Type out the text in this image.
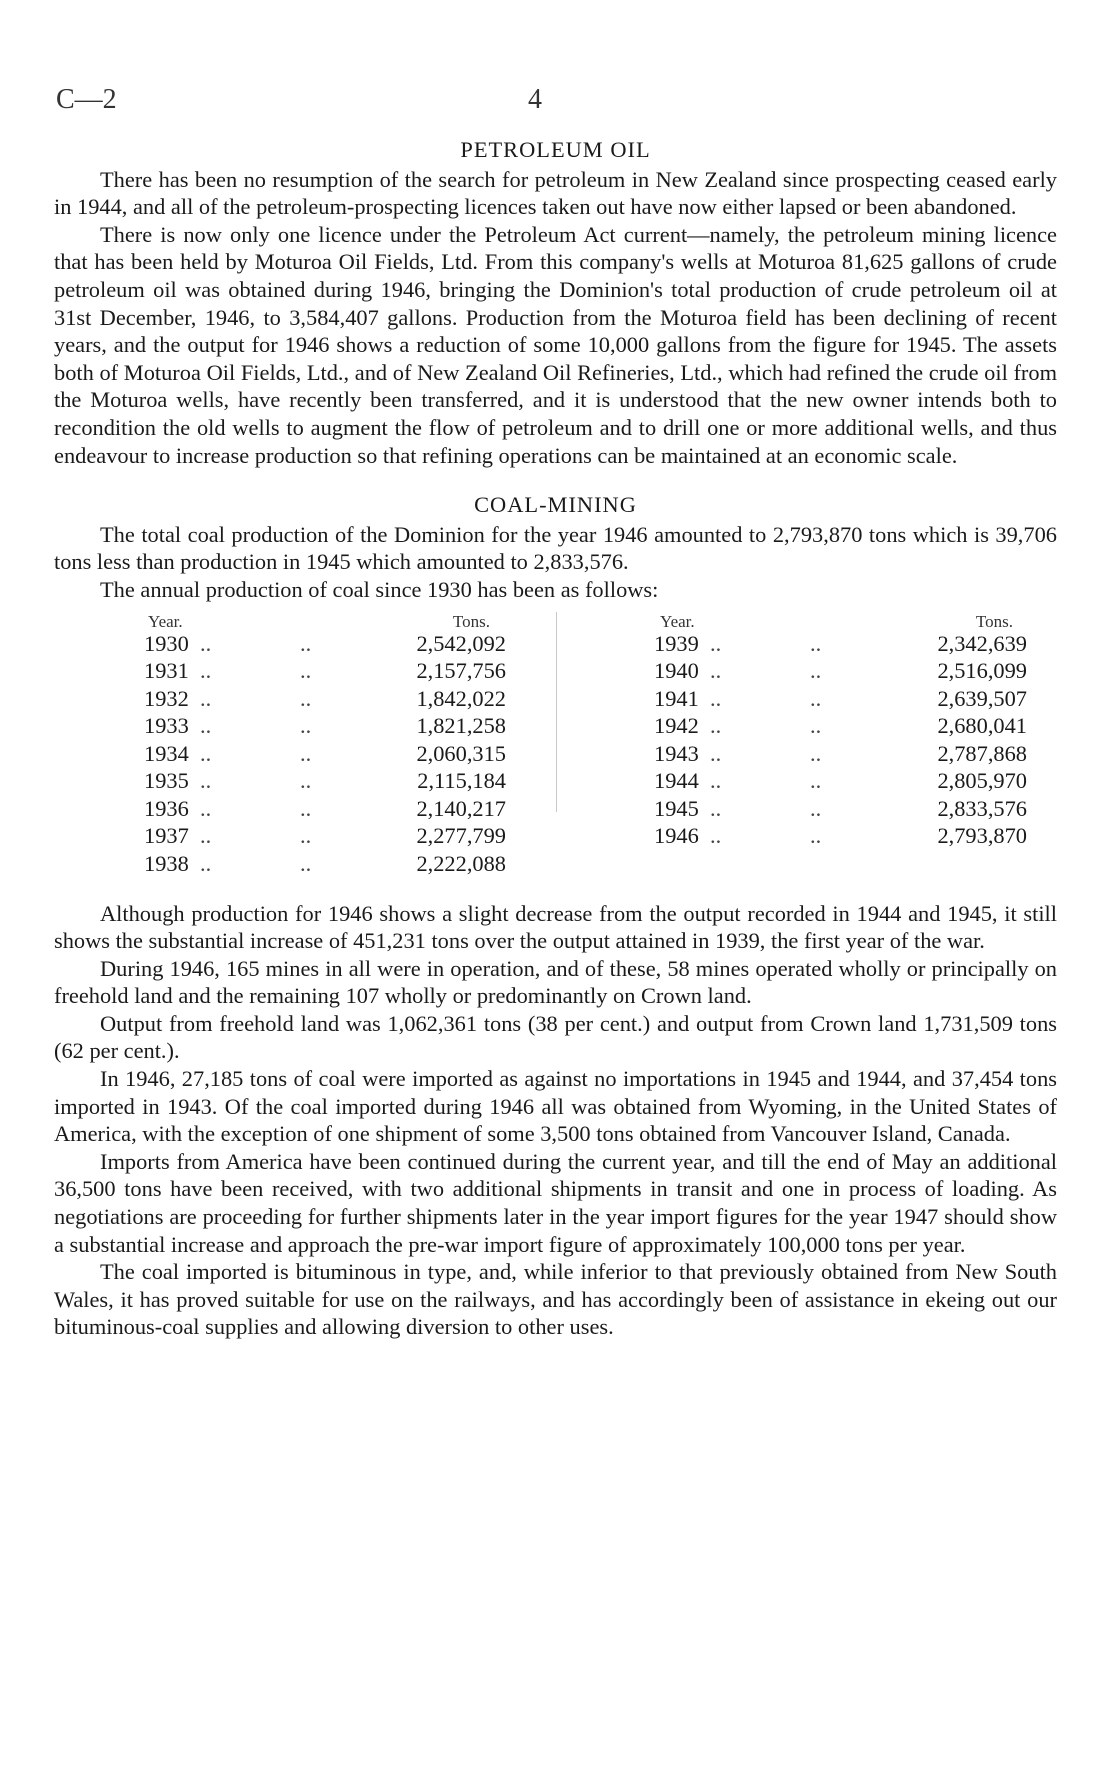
C—2	4
PETROLEUM OIL

There has been no resumption of the search for petroleum in New Zealand since prospecting ceased early in 1944, and all of the petroleum-prospecting licences taken out have now either lapsed or been abandoned.

There is now only one licence under the Petroleum Act current—namely, the petroleum mining licence that has been held by Moturoa Oil Fields, Ltd. From this company's wells at Moturoa 81,625 gallons of crude petroleum oil was obtained during 1946, bringing the Dominion's total production of crude petroleum oil at 31st December, 1946, to 3,584,407 gallons. Production from the Moturoa field has been declining of recent years, and the output for 1946 shows a reduction of some 10,000 gallons from the figure for 1945. The assets both of Moturoa Oil Fields, Ltd., and of New Zealand Oil Refineries, Ltd., which had refined the crude oil from the Moturoa wells, have recently been transferred, and it is understood that the new owner intends both to recondition the old wells to augment the flow of petroleum and to drill one or more additional wells, and thus endeavour to increase production so that refining operations can be maintained at an economic scale.

COAL-MINING

The total coal production of the Dominion for the year 1946 amounted to 2,793,870 tons which is 39,706 tons less than production in 1945 which amounted to 2,833,576.

The annual production of coal since 1930 has been as follows:

Year.	Tons.
1930 ..	..	2,542,092
1931 ..	..	2,157,756
1932 ..	..	1,842,022
1933 ..	..	1,821,258
1934 ..	..	2,060,315
1935 ..	..	2,115,184
1936 ..	..	2,140,217
1937 ..	..	2,277,799
1938 ..	..	2,222,088
Year.	Tons.
1939 ..	..	2,342,639
1940 ..	..	2,516,099
1941 ..	..	2,639,507
1942 ..	..	2,680,041
1943 ..	..	2,787,868
1944 ..	..	2,805,970
1945 ..	..	2,833,576
1946 ..	..	2,793,870

Although production for 1946 shows a slight decrease from the output recorded in 1944 and 1945, it still shows the substantial increase of 451,231 tons over the output attained in 1939, the first year of the war.

During 1946, 165 mines in all were in operation, and of these, 58 mines operated wholly or principally on freehold land and the remaining 107 wholly or predominantly on Crown land.

Output from freehold land was 1,062,361 tons (38 per cent.) and output from Crown land 1,731,509 tons (62 per cent.).

In 1946, 27,185 tons of coal were imported as against no importations in 1945 and 1944, and 37,454 tons imported in 1943. Of the coal imported during 1946 all was obtained from Wyoming, in the United States of America, with the exception of one shipment of some 3,500 tons obtained from Vancouver Island, Canada.

Imports from America have been continued during the current year, and till the end of May an additional 36,500 tons have been received, with two additional shipments in transit and one in process of loading. As negotiations are proceeding for further shipments later in the year import figures for the year 1947 should show a substantial increase and approach the pre-war import figure of approximately 100,000 tons per year.

The coal imported is bituminous in type, and, while inferior to that previously obtained from New South Wales, it has proved suitable for use on the railways, and has accordingly been of assistance in ekeing out our bituminous-coal supplies and allowing diversion to other uses.
